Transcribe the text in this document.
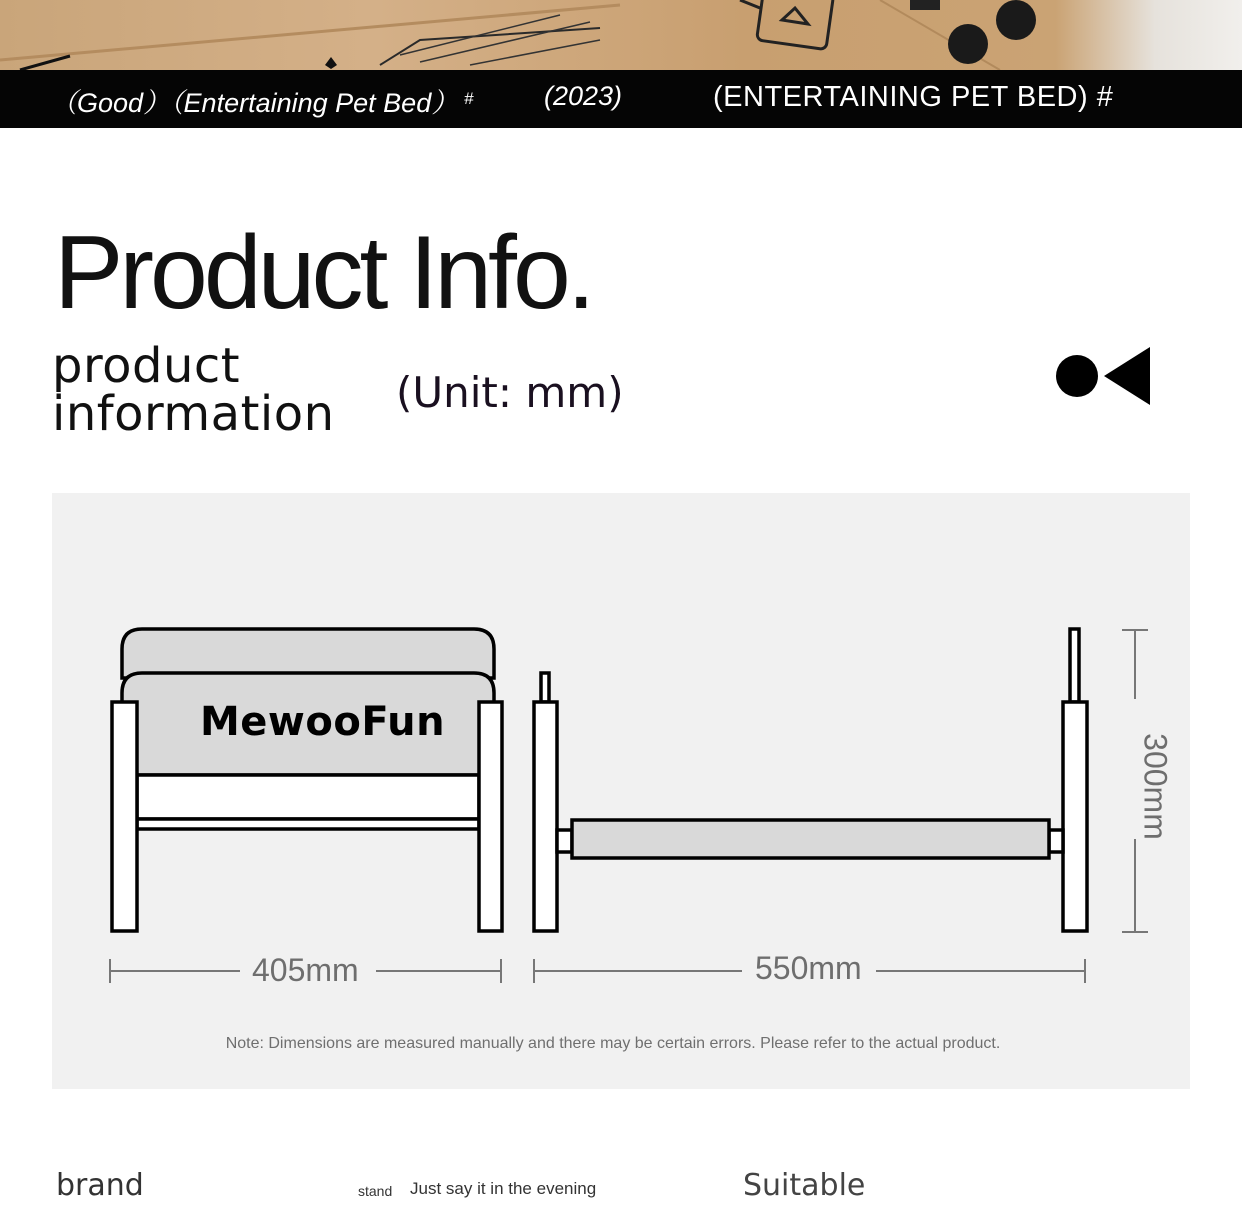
（Good）（Entertaining Pet Bed） #	(2023)	(ENTERTAINING PET BED) #
Product Info.
product
information (Unit: mm)
MewooFun
405mm	550mm
300mm
Note: Dimensions are measured manually and there may be certain errors. Please refer to the actual product.
brand	stand Just say it in the evening	Suitable
